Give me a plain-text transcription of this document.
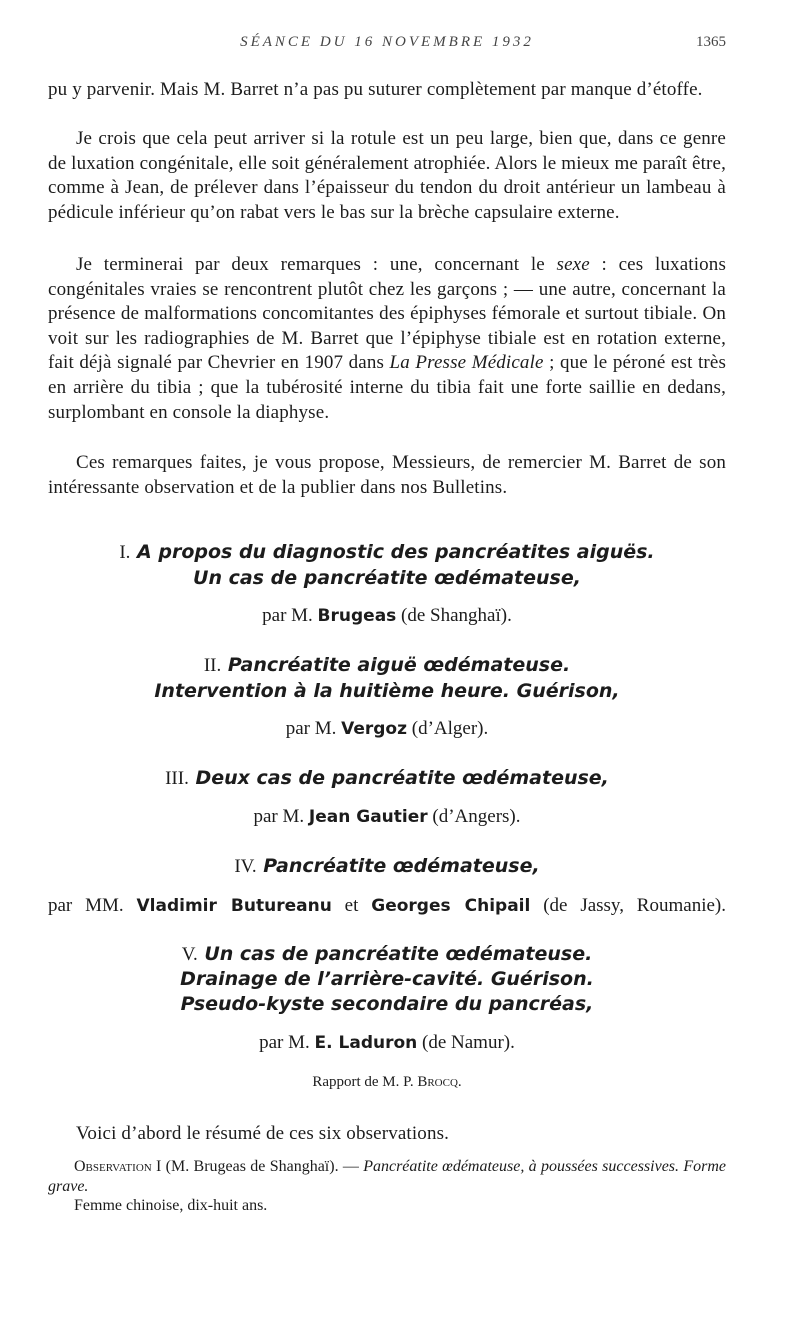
SÉANCE DU 16 NOVEMBRE 1932	1365

pu y parvenir. Mais M. Barret n’a pas pu suturer complètement par manque d’étoffe.

Je crois que cela peut arriver si la rotule est un peu large, bien que, dans ce genre de luxation congénitale, elle soit généralement atrophiée. Alors le mieux me paraît être, comme à Jean, de prélever dans l’épaisseur du tendon du droit antérieur un lambeau à pédicule inférieur qu’on rabat vers le bas sur la brèche capsulaire externe.

Je terminerai par deux remarques : une, concernant le sexe : ces luxations congénitales vraies se rencontrent plutôt chez les garçons ; — une autre, concernant la présence de malformations concomitantes des épiphyses fémorale et surtout tibiale. On voit sur les radiographies de M. Barret que l’épiphyse tibiale est en rotation externe, fait déjà signalé par Chevrier en 1907 dans La Presse Médicale ; que le péroné est très en arrière du tibia ; que la tubérosité interne du tibia fait une forte saillie en dedans, surplombant en console la diaphyse.

Ces remarques faites, je vous propose, Messieurs, de remercier M. Barret de son intéressante observation et de la publier dans nos Bulletins.

I. A propos du diagnostic des pancréatites aiguës.
Un cas de pancréatite œdémateuse,

par M. Brugeas (de Shanghaï).

II. Pancréatite aiguë œdémateuse.
Intervention à la huitième heure. Guérison,

par M. Vergoz (d’Alger).

III. Deux cas de pancréatite œdémateuse,

par M. Jean Gautier (d’Angers).

IV. Pancréatite œdémateuse,

par MM. Vladimir Butureanu et Georges Chipail (de Jassy, Roumanie).

V. Un cas de pancréatite œdémateuse.
Drainage de l’arrière-cavité. Guérison.
Pseudo-kyste secondaire du pancréas,

par M. E. Laduron (de Namur).

Rapport de M. P. Brocq.

Voici d’abord le résumé de ces six observations.

Observation I (M. Brugeas de Shanghaï). — Pancréatite œdémateuse, à poussées successives. Forme grave.

Femme chinoise, dix-huit ans.
